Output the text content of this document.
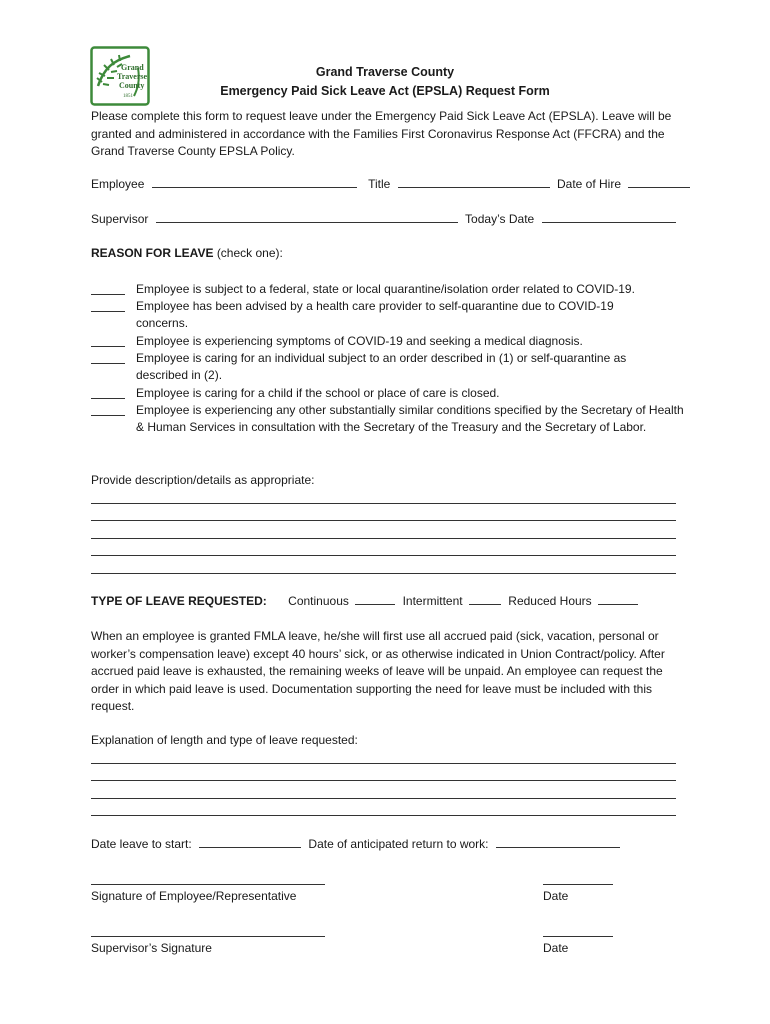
Grand
Traverse
County
1851
Grand Traverse County
Emergency Paid Sick Leave Act (EPSLA) Request Form
Please complete this form to request leave under the Emergency Paid Sick Leave Act (EPSLA). Leave will be granted and administered in accordance with the Families First Coronavirus Response Act (FFCRA) and the Grand Traverse County EPSLA Policy.
Employee	Title	Date of Hire
Supervisor	Today’s Date
REASON FOR LEAVE (check one):
Employee is subject to a federal, state or local quarantine/isolation order related to COVID-19.
Employee has been advised by a health care provider to self-quarantine due to COVID-19 concerns.
Employee is experiencing symptoms of COVID-19 and seeking a medical diagnosis.
Employee is caring for an individual subject to an order described in (1) or self-quarantine as described in (2).
Employee is caring for a child if the school or place of care is closed.
Employee is experiencing any other substantially similar conditions specified by the Secretary of Health & Human Services in consultation with the Secretary of the Treasury and the Secretary of Labor.
Provide description/details as appropriate:
TYPE OF LEAVE REQUESTED: Continuous	Intermittent	Reduced Hours
When an employee is granted FMLA leave, he/she will first use all accrued paid (sick, vacation, personal or worker’s compensation leave) except 40 hours’ sick, or as otherwise indicated in Union Contract/policy. After accrued paid leave is exhausted, the remaining weeks of leave will be unpaid. An employee can request the order in which paid leave is used. Documentation supporting the need for leave must be included with this request.
Explanation of length and type of leave requested:
Date leave to start:	Date of anticipated return to work:
Signature of Employee/Representative	Date
Supervisor’s Signature	Date
